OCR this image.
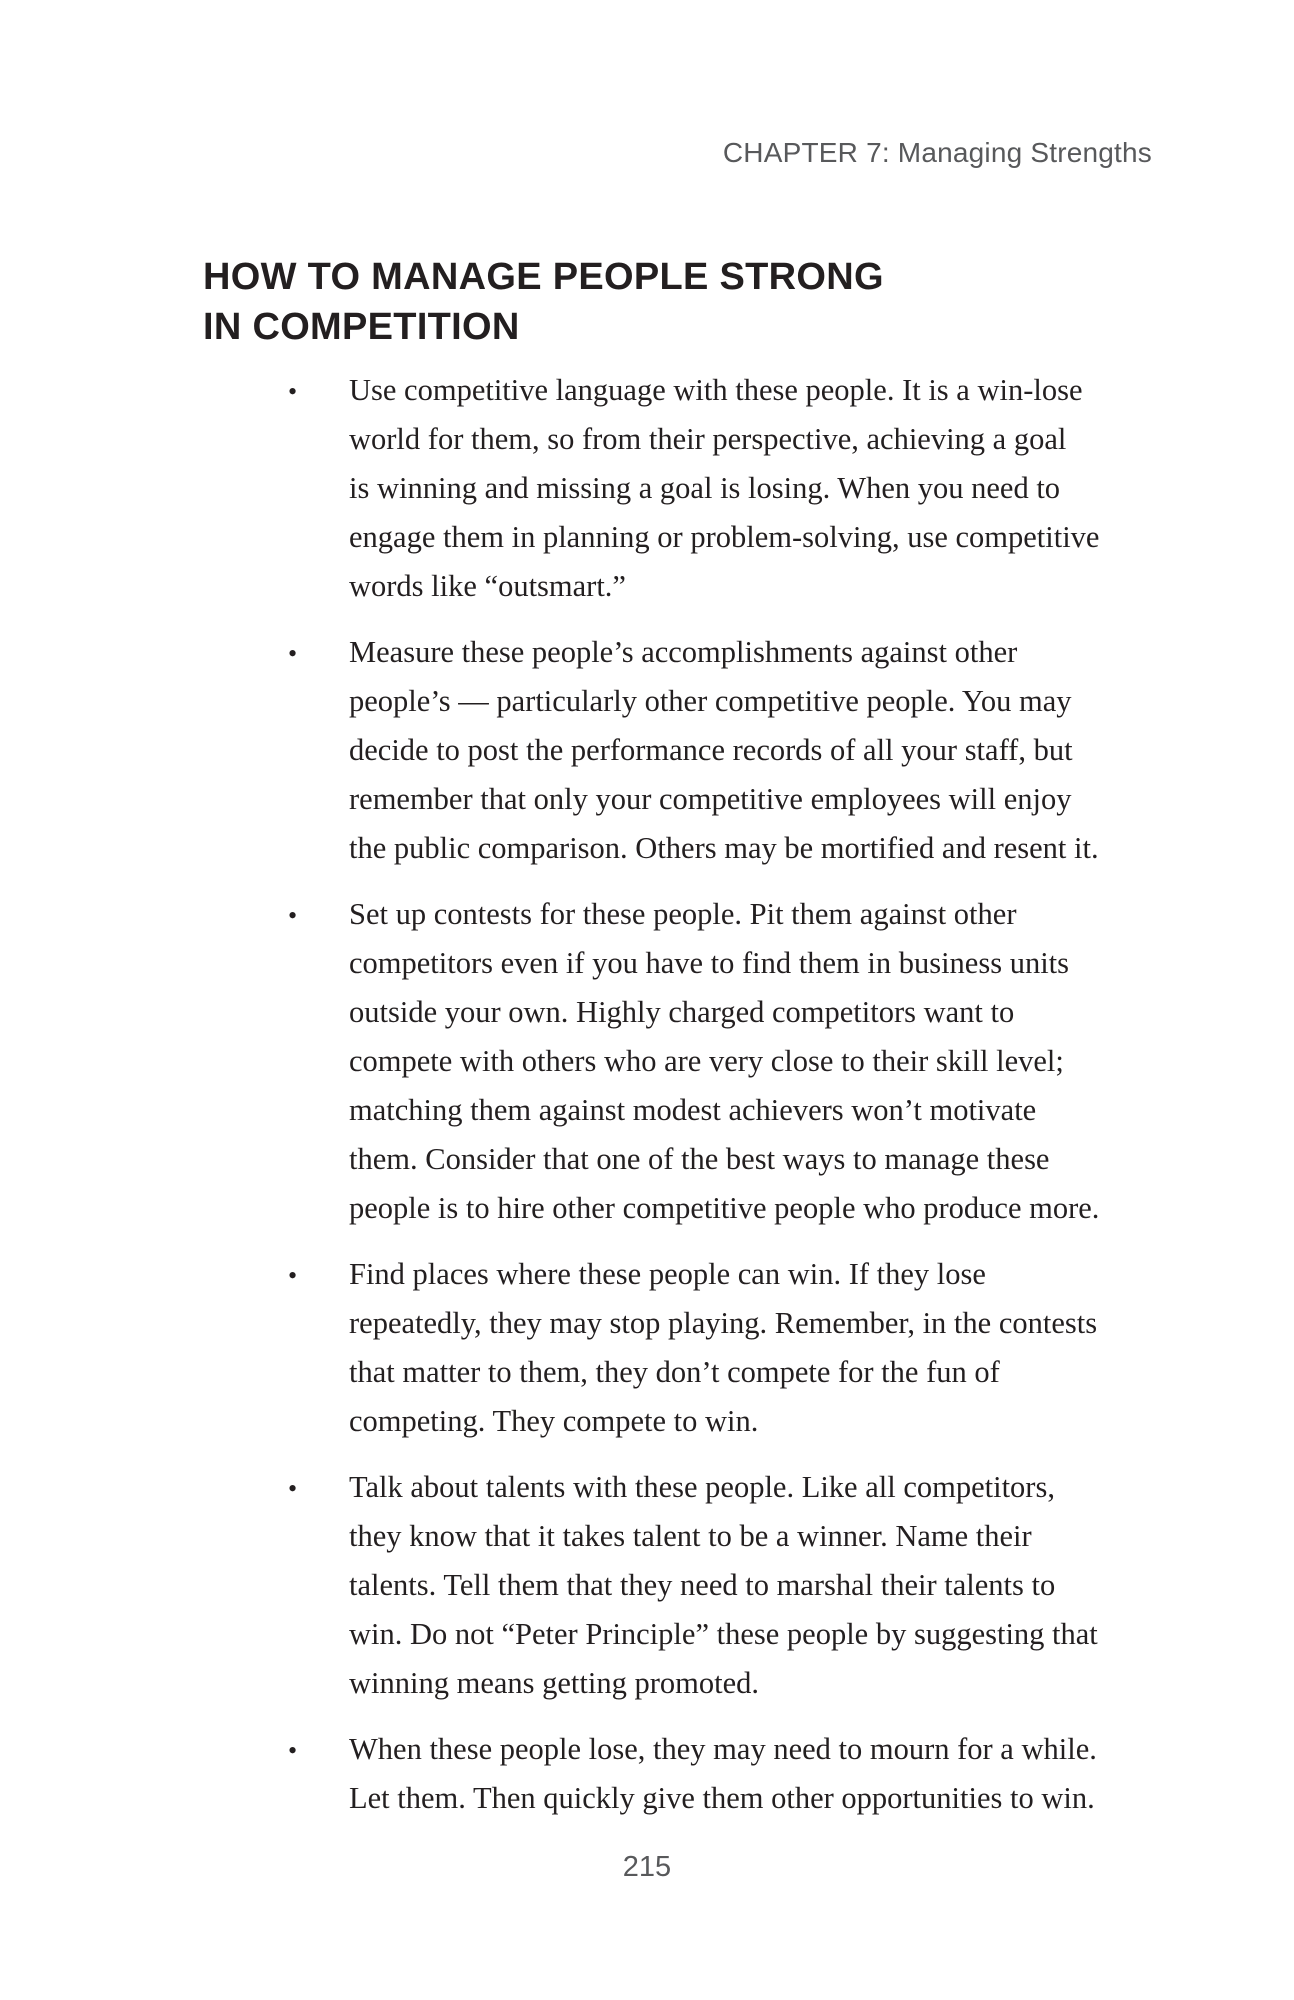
CHAPTER 7: Managing Strengths

HOW TO MANAGE PEOPLE STRONG
IN COMPETITION
• Use competitive language with these people. It is a win-lose
world for them, so from their perspective, achieving a goal
is winning and missing a goal is losing. When you need to
engage them in planning or problem-solving, use competitive
words like “outsmart.”
• Measure these people’s accomplishments against other
people’s — particularly other competitive people. You may
decide to post the performance records of all your staff, but
remember that only your competitive employees will enjoy
the public comparison. Others may be mortified and resent it.
• Set up contests for these people. Pit them against other
competitors even if you have to find them in business units
outside your own. Highly charged competitors want to
compete with others who are very close to their skill level;
matching them against modest achievers won’t motivate
them. Consider that one of the best ways to manage these
people is to hire other competitive people who produce more.
• Find places where these people can win. If they lose
repeatedly, they may stop playing. Remember, in the contests
that matter to them, they don’t compete for the fun of
competing. They compete to win.
• Talk about talents with these people. Like all competitors,
they know that it takes talent to be a winner. Name their
talents. Tell them that they need to marshal their talents to
win. Do not “Peter Principle” these people by suggesting that
winning means getting promoted.
• When these people lose, they may need to mourn for a while.
Let them. Then quickly give them other opportunities to win.

215
